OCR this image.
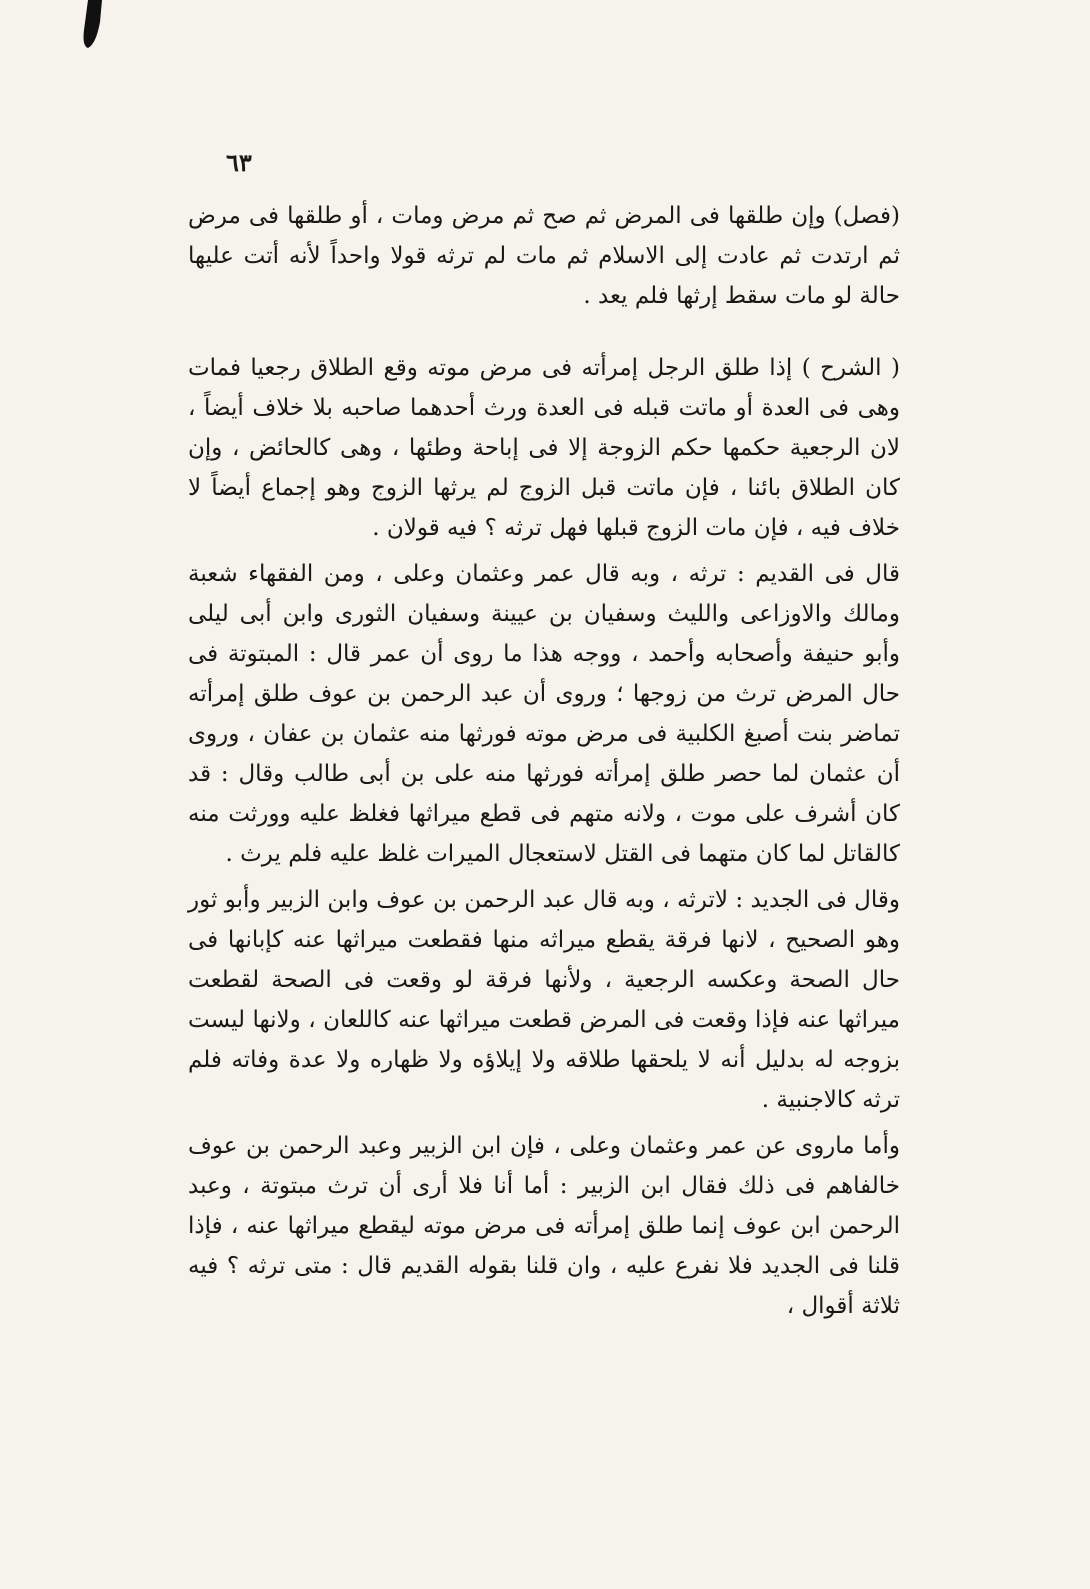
٦٣

(فصل) وإن طلقها فى المرض ثم صح ثم مرض ومات ، أو طلقها فى مرض ثم ارتدت ثم عادت إلى الاسلام ثم مات لم ترثه قولا واحداً لأنه أتت عليها حالة لو مات سقط إرثها فلم يعد .

( الشرح ) إذا طلق الرجل إمرأته فى مرض موته وقع الطلاق رجعيا فمات وهى فى العدة أو ماتت قبله فى العدة ورث أحدهما صاحبه بلا خلاف أيضاً ، لان الرجعية حكمها حكم الزوجة إلا فى إباحة وطئها ، وهى كالحائض ، وإن كان الطلاق بائنا ، فإن ماتت قبل الزوج لم يرثها الزوج وهو إجماع أيضاً لا خلاف فيه ، فإن مات الزوج قبلها فهل ترثه ؟ فيه قولان .

قال فى القديم : ترثه ، وبه قال عمر وعثمان وعلى ، ومن الفقهاء شعبة ومالك والاوزاعى والليث وسفيان بن عيينة وسفيان الثورى وابن أبى ليلى وأبو حنيفة وأصحابه وأحمد ، ووجه هذا ما روى أن عمر قال : المبتوتة فى حال المرض ترث من زوجها ؛ وروى أن عبد الرحمن بن عوف طلق إمرأته تماضر بنت أصبغ الكلبية فى مرض موته فورثها منه عثمان بن عفان ، وروى أن عثمان لما حصر طلق إمرأته فورثها منه على بن أبى طالب وقال : قد كان أشرف على موت ، ولانه متهم فى قطع ميراثها فغلظ عليه وورثت منه كالقاتل لما كان متهما فى القتل لاستعجال الميرات غلظ عليه فلم يرث .

وقال فى الجديد : لاترثه ، وبه قال عبد الرحمن بن عوف وابن الزبير وأبو ثور وهو الصحيح ، لانها فرقة يقطع ميراثه منها فقطعت ميراثها عنه كإبانها فى حال الصحة وعكسه الرجعية ، ولأنها فرقة لو وقعت فى الصحة لقطعت ميراثها عنه فإذا وقعت فى المرض قطعت ميراثها عنه كاللعان ، ولانها ليست بزوجه له بدليل أنه لا يلحقها طلاقه ولا إيلاؤه ولا ظهاره ولا عدة وفاته فلم ترثه كالاجنبية .

وأما ماروى عن عمر وعثمان وعلى ، فإن ابن الزبير وعبد الرحمن بن عوف خالفاهم فى ذلك فقال ابن الزبير : أما أنا فلا أرى أن ترث مبتوتة ، وعبد الرحمن ابن عوف إنما طلق إمرأته فى مرض موته ليقطع ميراثها عنه ، فإذا قلنا فى الجديد فلا نفرع عليه ، وان قلنا بقوله القديم قال : متى ترثه ؟ فيه ثلاثة أقوال ،
